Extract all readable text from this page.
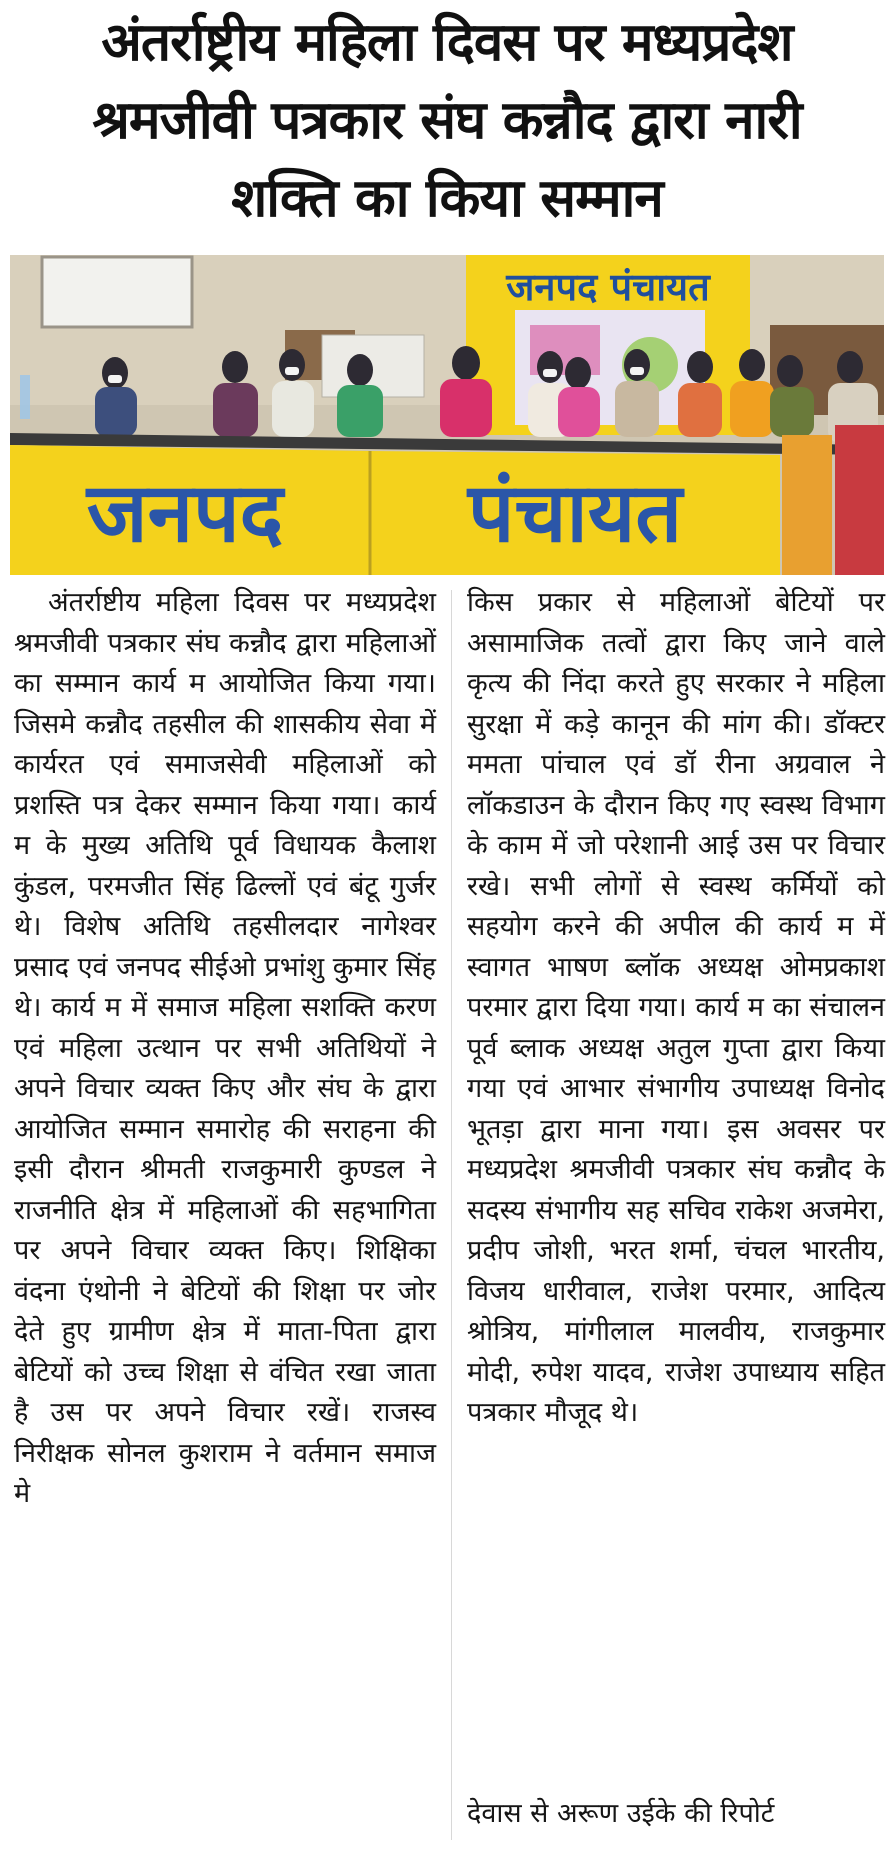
अंतर्राष्ट्रीय महिला दिवस पर मध्यप्रदेश
श्रमजीवी पत्रकार संघ कन्नौद द्वारा नारी
शक्ति का किया सम्मान
जनपद पंचायत
जनपद पंचायत

अंतर्राष्टीय महिला दिवस पर मध्यप्रदेश श्रमजीवी पत्रकार संघ कन्नौद द्वारा महिलाओं का सम्मान कार्य म आयोजित किया गया। जिसमे कन्नौद तहसील की शासकीय सेवा में कार्यरत एवं समाजसेवी महिलाओं को प्रशस्ति पत्र देकर सम्मान किया गया। कार्य म के मुख्य अतिथि पूर्व विधायक कैलाश कुंडल, परमजीत सिंह ढिल्लों एवं बंटू गुर्जर थे। विशेष अतिथि तहसीलदार नागेश्वर प्रसाद एवं जनपद सीईओ प्रभांशु कुमार सिंह थे। कार्य म में समाज महिला सशक्ति करण एवं महिला उत्थान पर सभी अतिथियों ने अपने विचार व्यक्त किए और संघ के द्वारा आयोजित सम्मान समारोह की सराहना की इसी दौरान श्रीमती राजकुमारी कुण्डल ने राजनीति क्षेत्र में महिलाओं की सहभागिता पर अपने विचार व्यक्त किए। शिक्षिका वंदना एंथोनी ने बेटियों की शिक्षा पर जोर देते हुए ग्रामीण क्षेत्र में माता-पिता द्वारा बेटियों को उच्च शिक्षा से वंचित रखा जाता है उस पर अपने विचार रखें। राजस्व निरीक्षक सोनल कुशराम ने वर्तमान समाज मे

किस प्रकार से महिलाओं बेटियों पर असामाजिक तत्वों द्वारा किए जाने वाले कृत्य की निंदा करते हुए सरकार ने महिला सुरक्षा में कड़े कानून की मांग की। डॉक्टर ममता पांचाल एवं डॉ रीना अग्रवाल ने लॉकडाउन के दौरान किए गए स्वस्थ विभाग के काम में जो परेशानी आई उस पर विचार रखे। सभी लोगों से स्वस्थ कर्मियों को सहयोग करने की अपील की कार्य म में स्वागत भाषण ब्लॉक अध्यक्ष ओमप्रकाश परमार द्वारा दिया गया। कार्य म का संचालन पूर्व ब्लाक अध्यक्ष अतुल गुप्ता द्वारा किया गया एवं आभार संभागीय उपाध्यक्ष विनोद भूतड़ा द्वारा माना गया। इस अवसर पर मध्यप्रदेश श्रमजीवी पत्रकार संघ कन्नौद के सदस्य संभागीय सह सचिव राकेश अजमेरा, प्रदीप जोशी, भरत शर्मा, चंचल भारतीय, विजय धारीवाल, राजेश परमार, आदित्य श्रोत्रिय, मांगीलाल मालवीय, राजकुमार मोदी, रुपेश यादव, राजेश उपाध्याय सहित पत्रकार मौजूद थे।

देवास से अरूण उईके की रिपोर्ट
